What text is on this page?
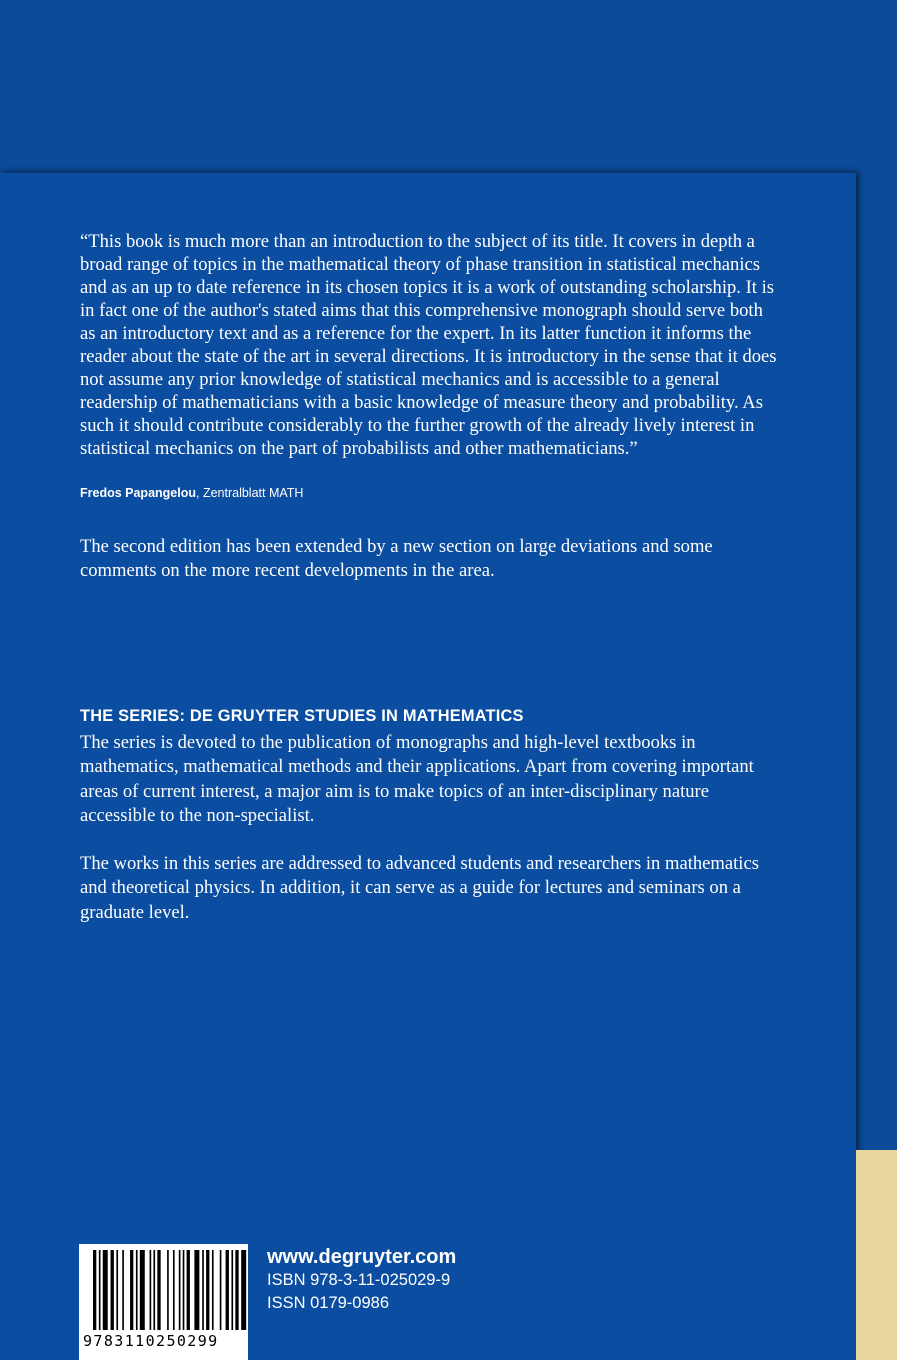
“This book is much more than an introduction to the subject of its title. It covers in depth a broad range of topics in the mathematical theory of phase transition in statistical mechanics and as an up to date reference in its chosen topics it is a work of outstanding scholarship. It is in fact one of the author's stated aims that this comprehensive monograph should serve both as an introductory text and as a reference for the expert. In its latter function it informs the reader about the state of the art in several directions. It is introductory in the sense that it does not assume any prior knowledge of statistical mechanics and is accessible to a general readership of mathematicians with a basic knowledge of measure theory and probability. As such it should contribute considerably to the further growth of the already lively interest in statistical mechanics on the part of probabilists and other mathematicians.”

Fredos Papangelou, Zentralblatt MATH

The second edition has been extended by a new section on large deviations and some comments on the more recent developments in the area.

THE SERIES: DE GRUYTER STUDIES IN MATHEMATICS

The series is devoted to the publication of monographs and high-level textbooks in mathematics, mathematical methods and their applications. Apart from covering important areas of current interest, a major aim is to make topics of an inter-disciplinary nature accessible to the non-specialist.

The works in this series are addressed to advanced students and researchers in mathematics and theoretical physics. In addition, it can serve as a guide for lectures and seminars on a graduate level.

9783110250299

www.degruyter.com

ISBN 978-3-11-025029-9

ISSN 0179-0986
